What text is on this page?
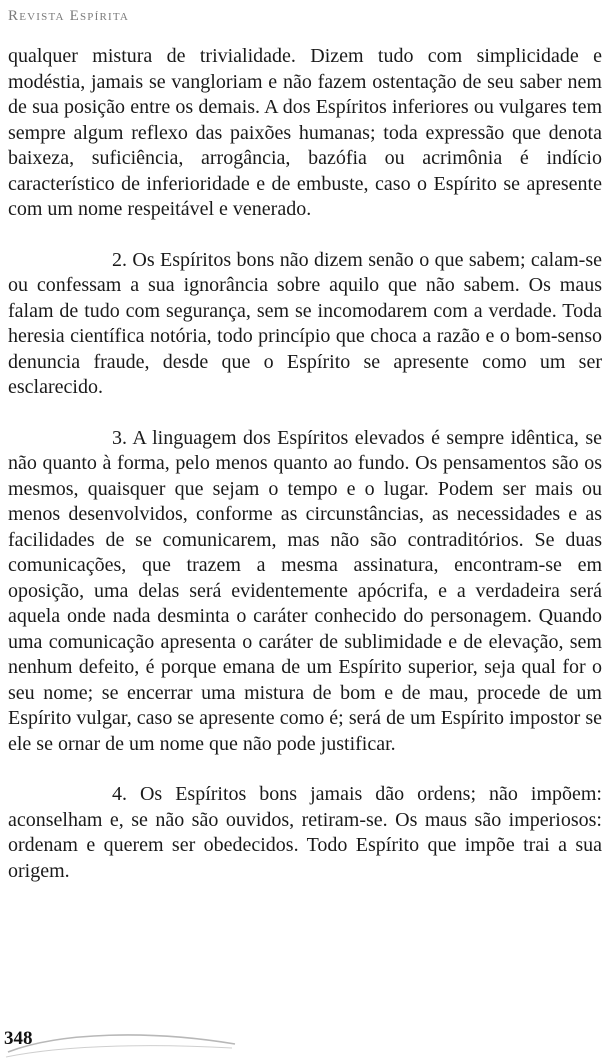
Revista Espírita

qualquer mistura de trivialidade. Dizem tudo com simplicidade e modéstia, jamais se vangloriam e não fazem ostentação de seu saber nem de sua posição entre os demais. A dos Espíritos inferiores ou vulgares tem sempre algum reflexo das paixões humanas; toda expressão que denota baixeza, suficiência, arrogância, bazófia ou acrimônia é indício característico de inferioridade e de embuste, caso o Espírito se apresente com um nome respeitável e venerado.

2. Os Espíritos bons não dizem senão o que sabem; calam-se ou confessam a sua ignorância sobre aquilo que não sabem. Os maus falam de tudo com segurança, sem se incomodarem com a verdade. Toda heresia científica notória, todo princípio que choca a razão e o bom-senso denuncia fraude, desde que o Espírito se apresente como um ser esclarecido.

3. A linguagem dos Espíritos elevados é sempre idêntica, se não quanto à forma, pelo menos quanto ao fundo. Os pensamentos são os mesmos, quaisquer que sejam o tempo e o lugar. Podem ser mais ou menos desenvolvidos, conforme as circunstâncias, as necessidades e as facilidades de se comunicarem, mas não são contraditórios. Se duas comunicações, que trazem a mesma assinatura, encontram-se em oposição, uma delas será evidentemente apócrifa, e a verdadeira será aquela onde nada desminta o caráter conhecido do personagem. Quando uma comunicação apresenta o caráter de sublimidade e de elevação, sem nenhum defeito, é porque emana de um Espírito superior, seja qual for o seu nome; se encerrar uma mistura de bom e de mau, procede de um Espírito vulgar, caso se apresente como é; será de um Espírito impostor se ele se ornar de um nome que não pode justificar.

4. Os Espíritos bons jamais dão ordens; não impõem: aconselham e, se não são ouvidos, retiram-se. Os maus são imperiosos: ordenam e querem ser obedecidos. Todo Espírito que impõe trai a sua origem.

348
